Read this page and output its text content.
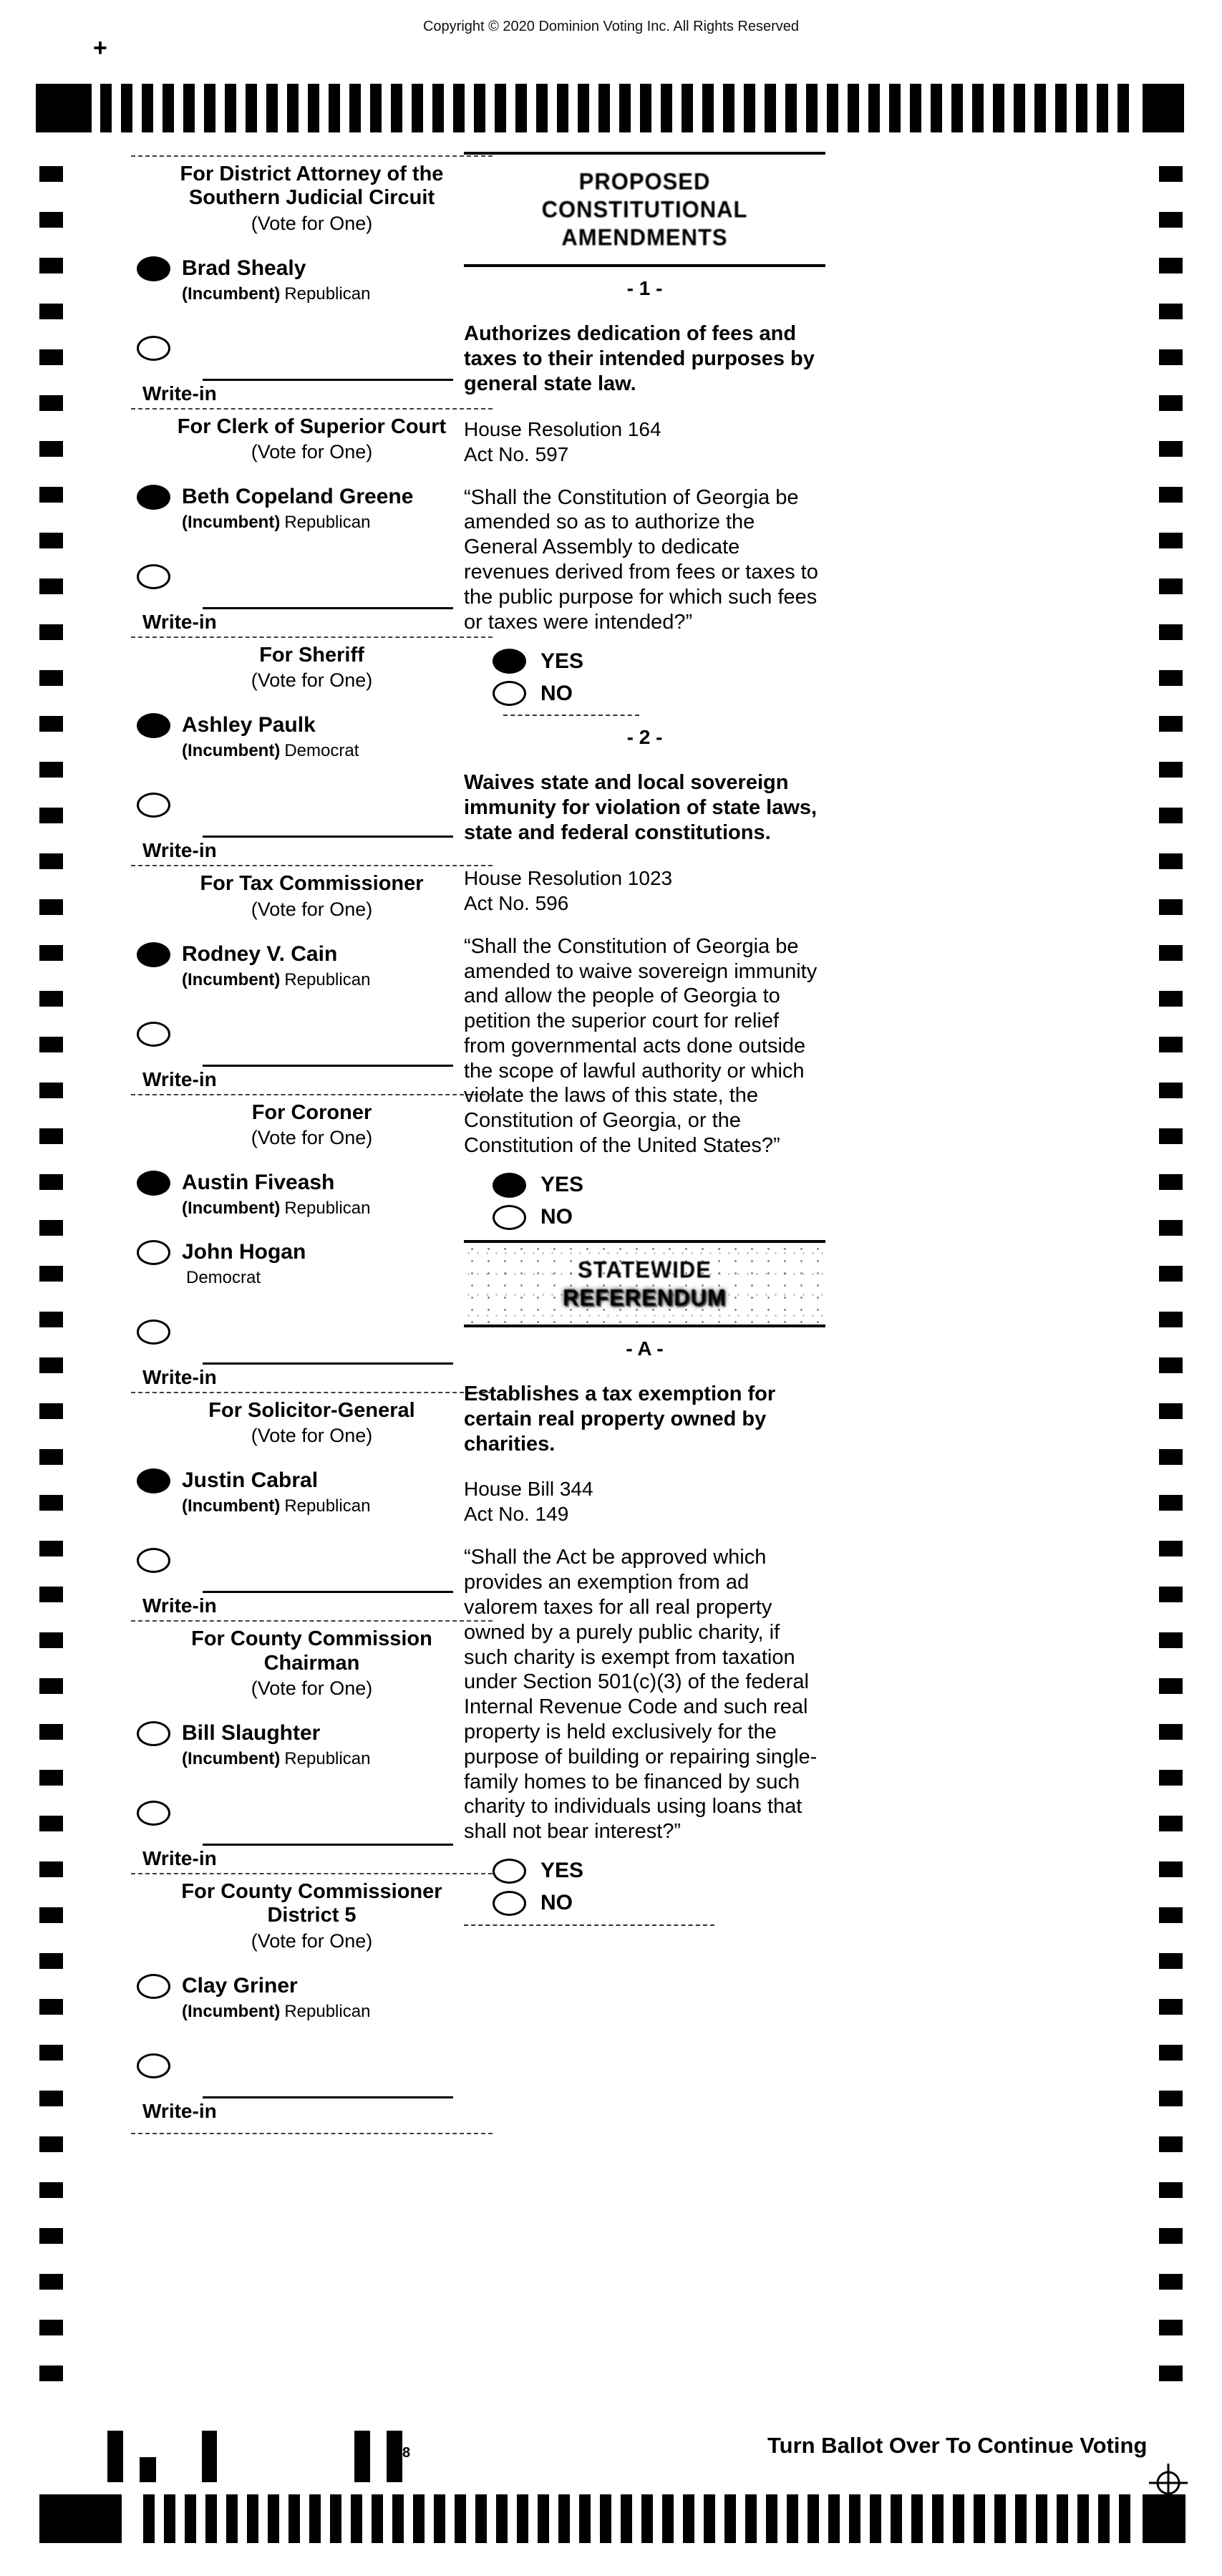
Copyright © 2020 Dominion Voting Inc. All Rights Reserved
+
For District Attorney of the Southern Judicial Circuit
(Vote for One)
Brad Shealy
(Incumbent) Republican
Write-in
For Clerk of Superior Court
(Vote for One)
Beth Copeland Greene
(Incumbent) Republican
Write-in
For Sheriff
(Vote for One)
Ashley Paulk
(Incumbent) Democrat
Write-in
For Tax Commissioner
(Vote for One)
Rodney V. Cain
(Incumbent) Republican
Write-in
For Coroner
(Vote for One)
Austin Fiveash
(Incumbent) Republican
John Hogan
Democrat
Write-in
For Solicitor-General
(Vote for One)
Justin Cabral
(Incumbent) Republican
Write-in
For County Commission Chairman
(Vote for One)
Bill Slaughter
(Incumbent) Republican
Write-in
For County Commissioner District 5
(Vote for One)
Clay Griner
(Incumbent) Republican
Write-in
PROPOSED
CONSTITUTIONAL
AMENDMENTS
- 1 -
Authorizes dedication of fees and taxes to their intended purposes by general state law.
House Resolution 164
Act No. 597
“Shall the Constitution of Georgia be amended so as to authorize the General Assembly to dedicate revenues derived from fees or taxes to the public purpose for which such fees or taxes were intended?”
YES
NO
- 2 -
Waives state and local sovereign immunity for violation of state laws, state and federal constitutions.
House Resolution 1023
Act No. 596
“Shall the Constitution of Georgia be amended to waive sovereign immunity and allow the people of Georgia to petition the superior court for relief from governmental acts done outside the scope of lawful authority or which violate the laws of this state, the Constitution of Georgia, or the Constitution of the United States?”
YES
NO
STATEWIDE
REFERENDUM
- A -
Establishes a tax exemption for certain real property owned by charities.
House Bill 344
Act No. 149
“Shall the Act be approved which provides an exemption from ad valorem taxes for all real property owned by a purely public charity, if such charity is exempt from taxation under Section 501(c)(3) of the federal Internal Revenue Code and such real property is held exclusively for the purpose of building or repairing single-family homes to be financed by such charity to individuals using loans that shall not bear interest?”
YES
NO
8	Turn Ballot Over To Continue Voting
